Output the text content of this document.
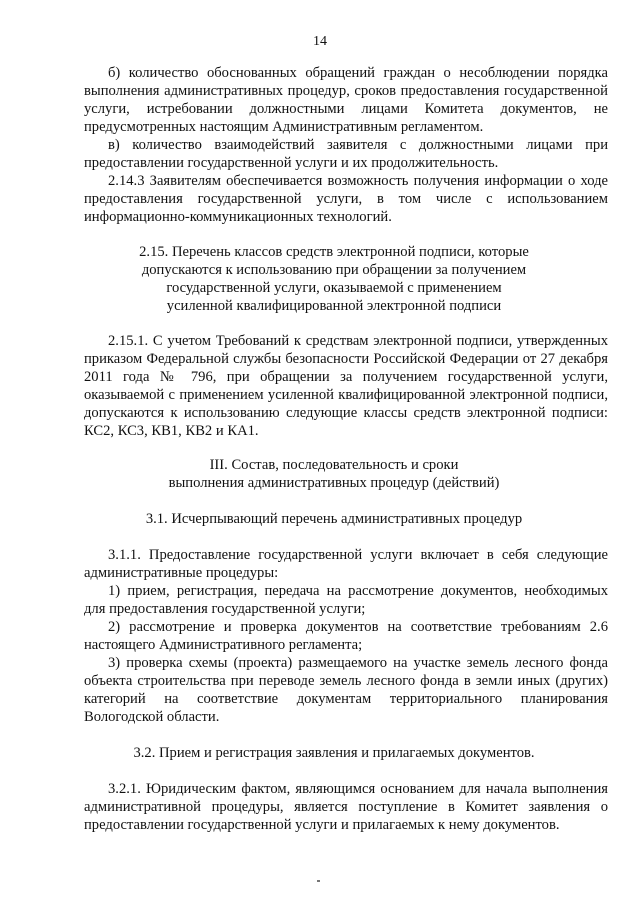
14
б) количество обоснованных обращений граждан о несоблюдении порядка
выполнения административных процедур, сроков предоставления государственной
услуги, истребовании должностными лицами Комитета документов, не
предусмотренных настоящим Административным регламентом.
в) количество взаимодействий заявителя с должностными лицами при
предоставлении государственной услуги и их продолжительность.
2.14.3 Заявителям обеспечивается возможность получения информации о ходе
предоставления государственной услуги, в том числе с использованием
информационно-коммуникационных технологий.
2.15. Перечень классов средств электронной подписи, которые
допускаются к использованию при обращении за получением
государственной услуги, оказываемой с применением
усиленной квалифицированной электронной подписи
2.15.1. С учетом Требований к средствам электронной подписи, утвержденных
приказом Федеральной службы безопасности Российской Федерации от 27 декабря
2011 года № 796, при обращении за получением государственной услуги,
оказываемой с применением усиленной квалифицированной электронной подписи,
допускаются к использованию следующие классы средств электронной подписи:
КС2, КС3, КВ1, КВ2 и КА1.
III. Состав, последовательность и сроки
выполнения административных процедур (действий)
3.1. Исчерпывающий перечень административных процедур
3.1.1. Предоставление государственной услуги включает в себя следующие
административные процедуры:
1) прием, регистрация, передача на рассмотрение документов, необходимых
для предоставления государственной услуги;
2) рассмотрение и проверка документов на соответствие требованиям 2.6
настоящего Административного регламента;
3) проверка схемы (проекта) размещаемого на участке земель лесного фонда
объекта строительства при переводе земель лесного фонда в земли иных (других)
категорий на соответствие документам территориального планирования
Вологодской области.
3.2. Прием и регистрация заявления и прилагаемых документов.
3.2.1. Юридическим фактом, являющимся основанием для начала выполнения
административной процедуры, является поступление в Комитет заявления о
предоставлении государственной услуги и прилагаемых к нему документов.
